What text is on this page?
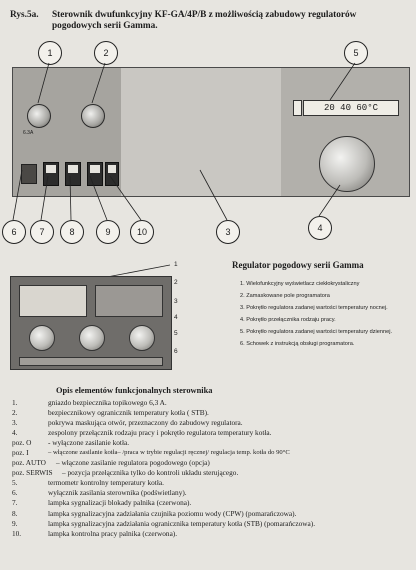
Rys.5a. Sterownik dwufunkcyjny KF-GA/4P/B z możliwością zabudowy regulatorów
pogodowych serii Gamma.
6.3A
20 40 60°C
1	2	5
6	7	8	9	10	3	4
1
2
3
4
5
6
Regulator pogodowy serii Gamma
1. Wielofunkcyjny wyświetlacz ciekłokrystaliczny
2. Zamaskowane pole programatora
3. Pokrętło regulatora zadanej wartości temperatury nocnej.
4. Pokrętło przełącznika rodzaju pracy.
5. Pokrętło regulatora zadanej wartości temperatury dziennej.
6. Schowek z instrukcją obsługi programatora.
Opis elementów funkcjonalnych sterownika
1.	gniazdo bezpiecznika topikowego 6,3 A.
2.	bezpiecznikowy ogranicznik temperatury kotła ( STB).
3.	pokrywa maskująca otwór, przeznaczony do zabudowy regulatora.
4.	zespolony przełącznik rodzaju pracy i pokrętło regulatora temperatury kotła.
poz. O	- wyłączone zasilanie kotła.
poz. I	– włączone zasilanie kotła– /praca w trybie regulacji ręcznej/ regulacja temp. kotła do 90°C
poz. AUTO	– włączone zasilanie regulatora pogodowego (opcja)
poz. SERWIS	– pozycja przełącznika tylko do kontroli układu sterującego.
5.	termometr kontrolny temperatury kotła.
6.	wyłącznik zasilania sterownika (podświetlany).
7.	lampka sygnalizacji blokady palnika (czerwona).
8.	lampka sygnalizacyjna zadziałania czujnika poziomu wody (CPW) (pomarańczowa).
9.	lampka sygnalizacyjna zadziałania ogranicznika temperatury kotła (STB) (pomarańczowa).
10.	lampka kontrolna pracy palnika (czerwona).
